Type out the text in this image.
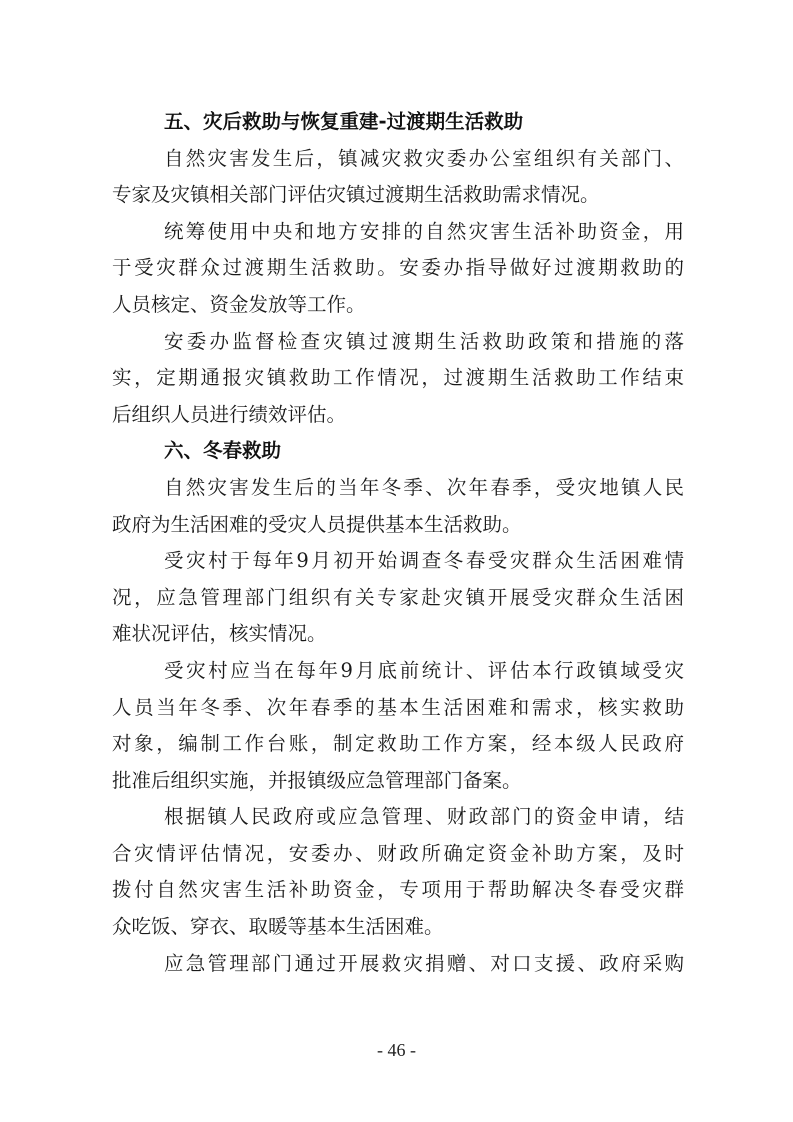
五、灾后救助与恢复重建-过渡期生活救助
自然灾害发生后，镇减灾救灾委办公室组织有关部门、
专家及灾镇相关部门评估灾镇过渡期生活救助需求情况。
统筹使用中央和地方安排的自然灾害生活补助资金，用
于受灾群众过渡期生活救助。安委办指导做好过渡期救助的
人员核定、资金发放等工作。
安委办监督检查灾镇过渡期生活救助政策和措施的落
实，定期通报灾镇救助工作情况，过渡期生活救助工作结束
后组织人员进行绩效评估。
六、冬春救助
自然灾害发生后的当年冬季、次年春季，受灾地镇人民
政府为生活困难的受灾人员提供基本生活救助。
受灾村于每年9月初开始调查冬春受灾群众生活困难情
况，应急管理部门组织有关专家赴灾镇开展受灾群众生活困
难状况评估，核实情况。
受灾村应当在每年9月底前统计、评估本行政镇域受灾
人员当年冬季、次年春季的基本生活困难和需求，核实救助
对象，编制工作台账，制定救助工作方案，经本级人民政府
批准后组织实施，并报镇级应急管理部门备案。
根据镇人民政府或应急管理、财政部门的资金申请，结
合灾情评估情况，安委办、财政所确定资金补助方案，及时
拨付自然灾害生活补助资金，专项用于帮助解决冬春受灾群
众吃饭、穿衣、取暖等基本生活困难。
应急管理部门通过开展救灾捐赠、对口支援、政府采购
- 46 -
